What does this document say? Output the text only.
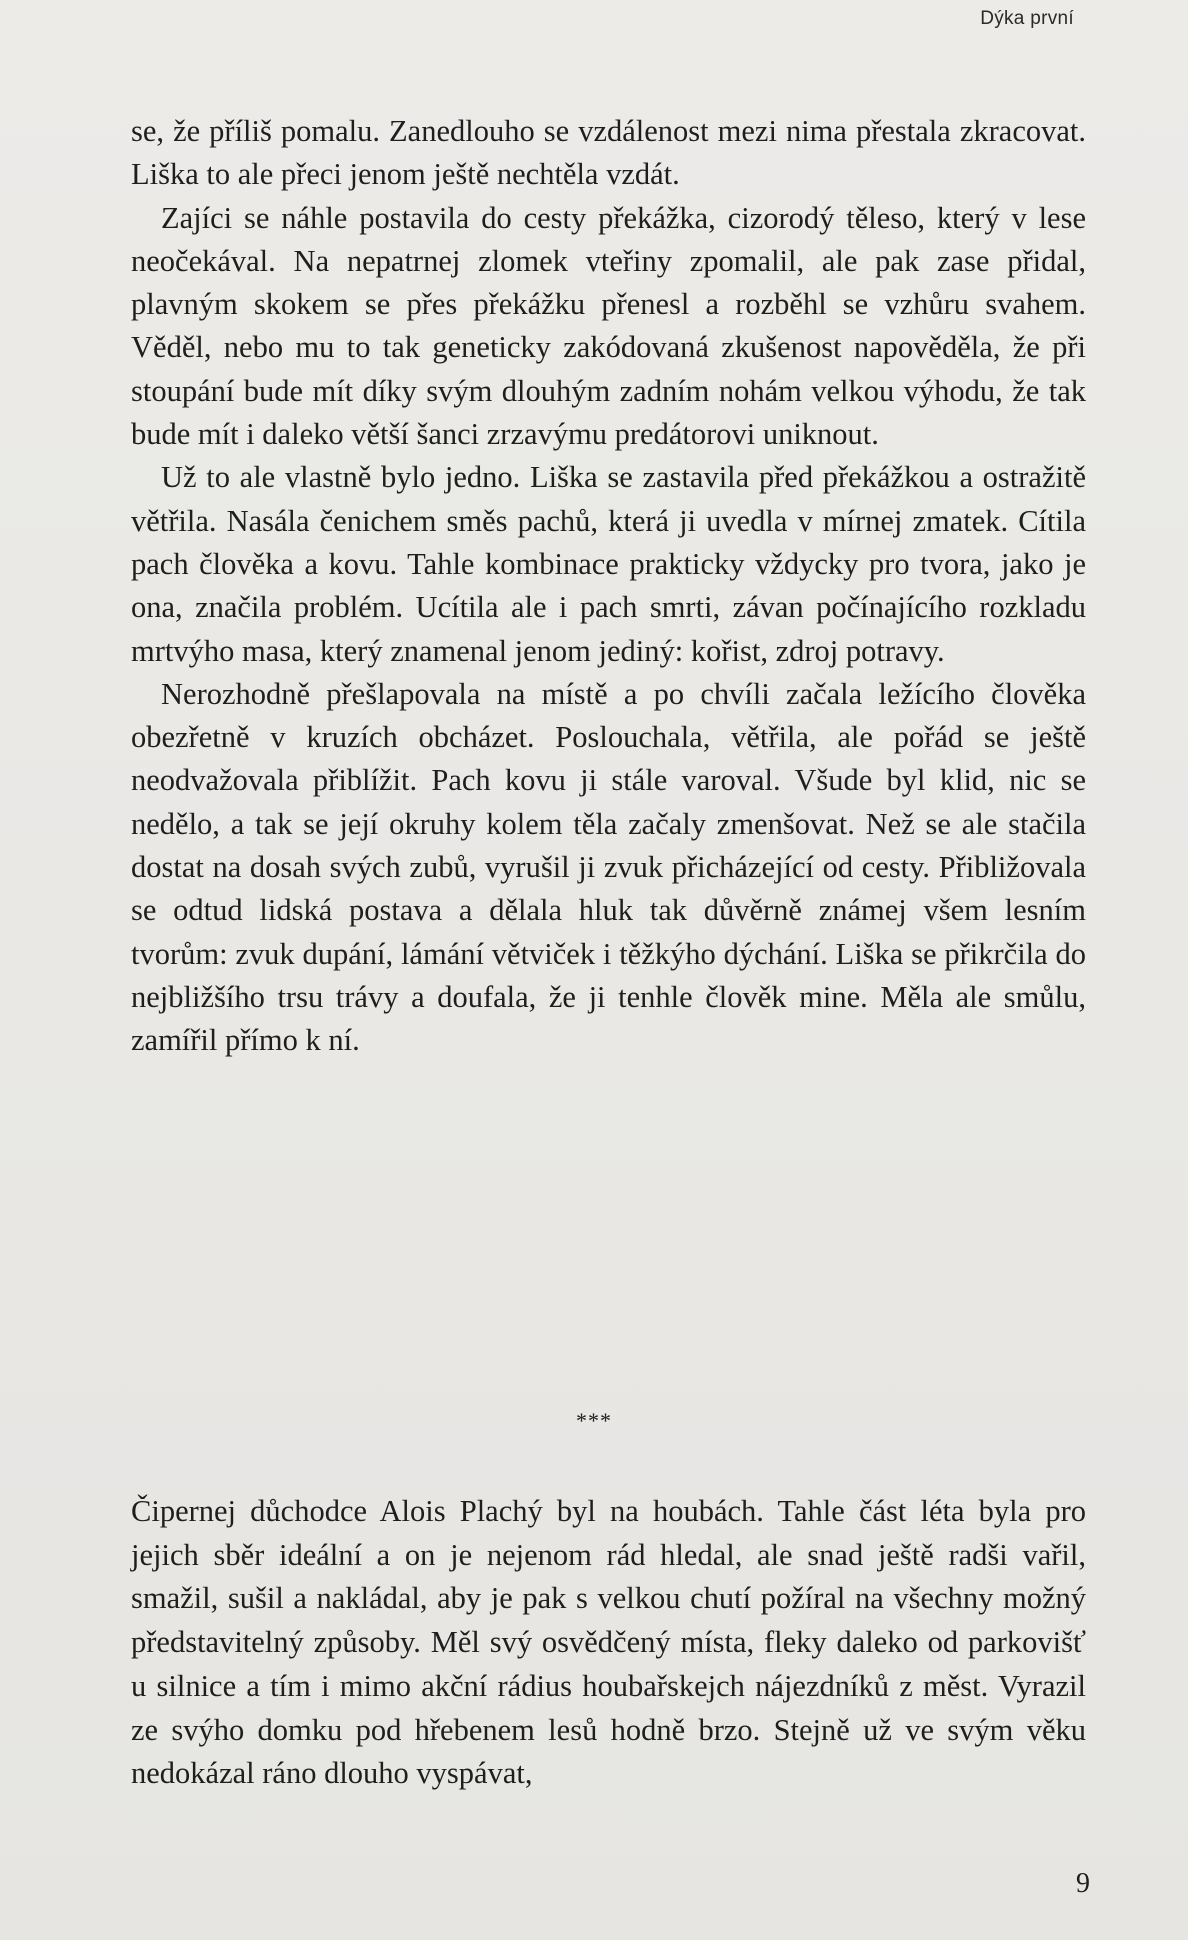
Dýka první

se, že příliš pomalu. Zanedlouho se vzdálenost mezi nima přestala zkracovat. Liška to ale přeci jenom ještě nechtěla vzdát.

Zajíci se náhle postavila do cesty překážka, cizorodý těleso, který v lese neočekával. Na nepatrnej zlomek vteřiny zpomalil, ale pak zase přidal, plavným skokem se přes překážku přenesl a rozběhl se vzhůru svahem. Věděl, nebo mu to tak geneticky zakódovaná zkušenost napověděla, že při stoupání bude mít díky svým dlouhým zadním nohám velkou výhodu, že tak bude mít i daleko větší šanci zrzavýmu predátorovi uniknout.

Už to ale vlastně bylo jedno. Liška se zastavila před překážkou a ostražitě větřila. Nasála čenichem směs pachů, která ji uvedla v mírnej zmatek. Cítila pach člověka a kovu. Tahle kombinace prakticky vždycky pro tvora, jako je ona, značila problém. Ucítila ale i pach smrti, závan počínajícího rozkladu mrtvýho masa, který znamenal jenom jediný: kořist, zdroj potravy.

Nerozhodně přešlapovala na místě a po chvíli začala ležícího člověka obezřetně v kruzích obcházet. Poslouchala, větřila, ale pořád se ještě neodvažovala přiblížit. Pach kovu ji stále varoval. Všude byl klid, nic se nedělo, a tak se její okruhy kolem těla začaly zmenšovat. Než se ale stačila dostat na dosah svých zubů, vyrušil ji zvuk přicházející od cesty. Přibližovala se odtud lidská postava a dělala hluk tak důvěrně známej všem lesním tvorům: zvuk dupání, lámání větviček i těžkýho dýchání. Liška se přikrčila do nejbližšího trsu trávy a doufala, že ji tenhle člověk mine. Měla ale smůlu, zamířil přímo k ní.

***

Čipernej důchodce Alois Plachý byl na houbách. Tahle část léta byla pro jejich sběr ideální a on je nejenom rád hledal, ale snad ještě radši vařil, smažil, sušil a nakládal, aby je pak s velkou chutí požíral na všechny možný představitelný způsoby. Měl svý osvědčený místa, fleky daleko od parkovišť u silnice a tím i mimo akční rádius houbařskejch nájezdníků z měst. Vyrazil ze svýho domku pod hřebenem lesů hodně brzo. Stejně už ve svým věku nedokázal ráno dlouho vyspávat,

9
